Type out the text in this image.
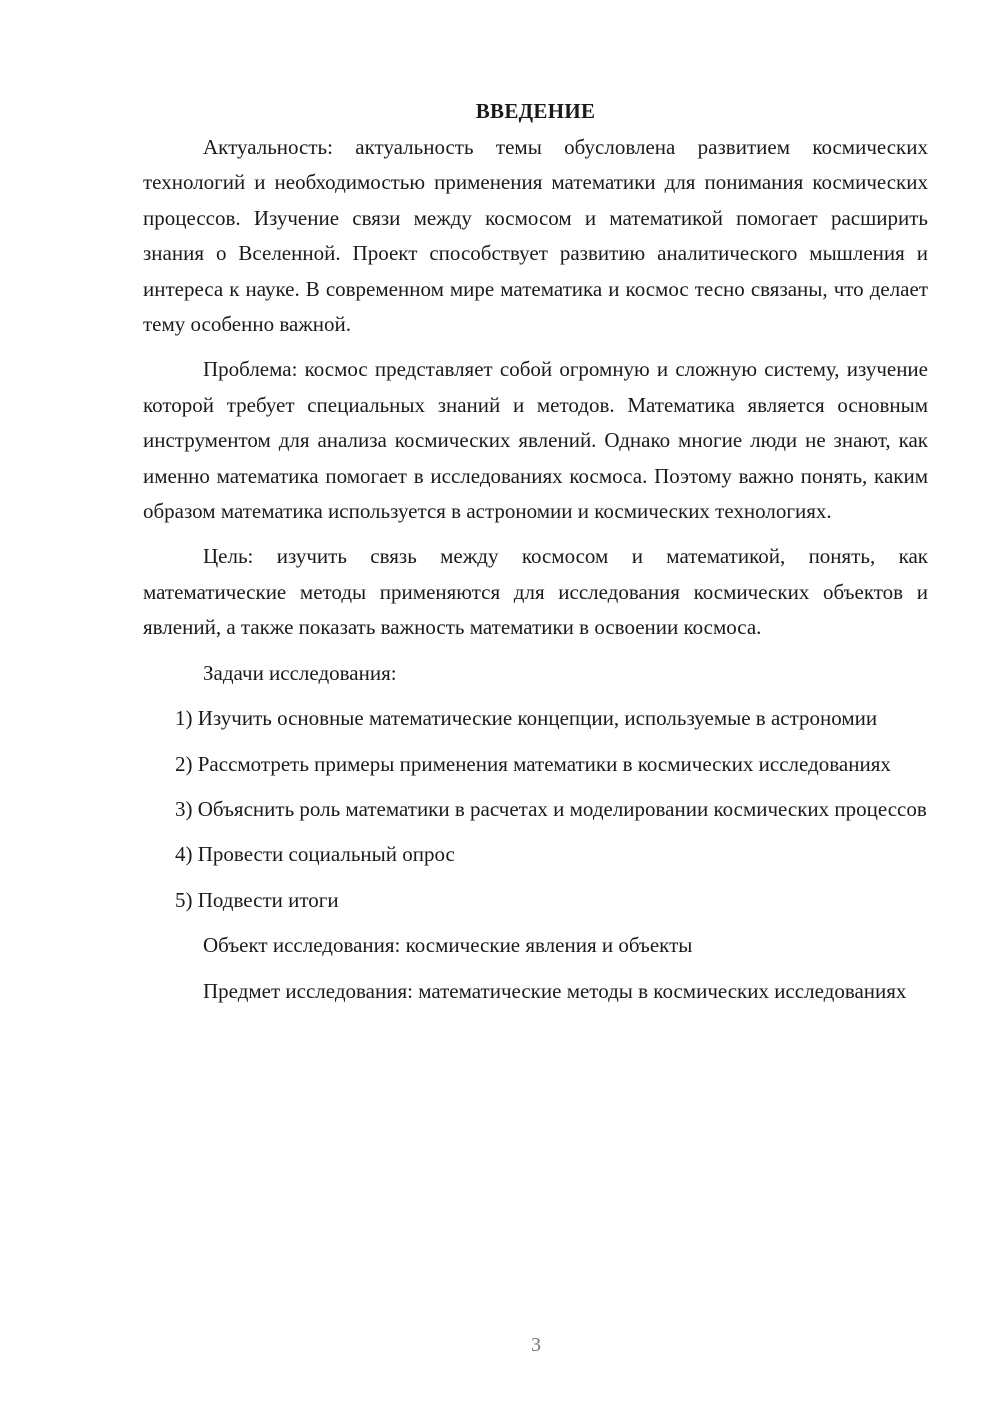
ВВЕДЕНИЕ

Актуальность: актуальность темы обусловлена развитием космических технологий и необходимостью применения математики для понимания космических процессов. Изучение связи между космосом и математикой помогает расширить знания о Вселенной. Проект способствует развитию аналитического мышления и интереса к науке. В современном мире математика и космос тесно связаны, что делает тему особенно важной.

Проблема: космос представляет собой огромную и сложную систему, изучение которой требует специальных знаний и методов. Математика является основным инструментом для анализа космических явлений. Однако многие люди не знают, как именно математика помогает в исследованиях космоса. Поэтому важно понять, каким образом математика используется в астрономии и космических технологиях.

Цель: изучить связь между космосом и математикой, понять, как математические методы применяются для исследования космических объектов и явлений, а также показать важность математики в освоении космоса.

Задачи исследования:

1) Изучить основные математические концепции, используемые в астрономии

2) Рассмотреть примеры применения математики в космических исследованиях

3) Объяснить роль математики в расчетах и моделировании космических процессов

4) Провести социальный опрос

5) Подвести итоги

Объект исследования: космические явления и объекты

Предмет исследования: математические методы в космических исследованиях

3
